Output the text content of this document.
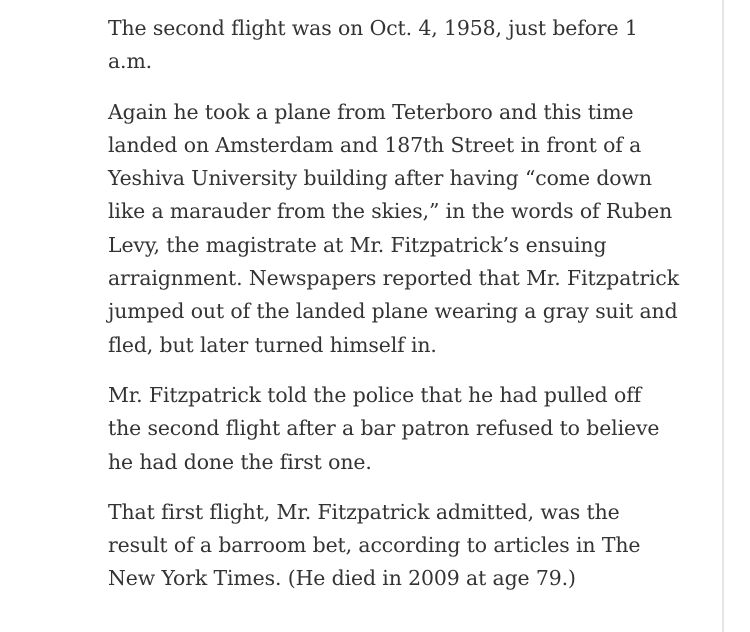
The second flight was on Oct. 4, 1958, just before 1 a.m.

Again he took a plane from Teterboro and this time landed on Amsterdam and 187th Street in front of a Yeshiva University building after having “come down like a marauder from the skies,” in the words of Ruben Levy, the magistrate at Mr. Fitzpatrick’s ensuing arraignment. Newspapers reported that Mr. Fitzpatrick jumped out of the landed plane wearing a gray suit and fled, but later turned himself in.

Mr. Fitzpatrick told the police that he had pulled off the second flight after a bar patron refused to believe he had done the first one.

That first flight, Mr. Fitzpatrick admitted, was the result of a barroom bet, according to articles in The New York Times. (He died in 2009 at age 79.)
